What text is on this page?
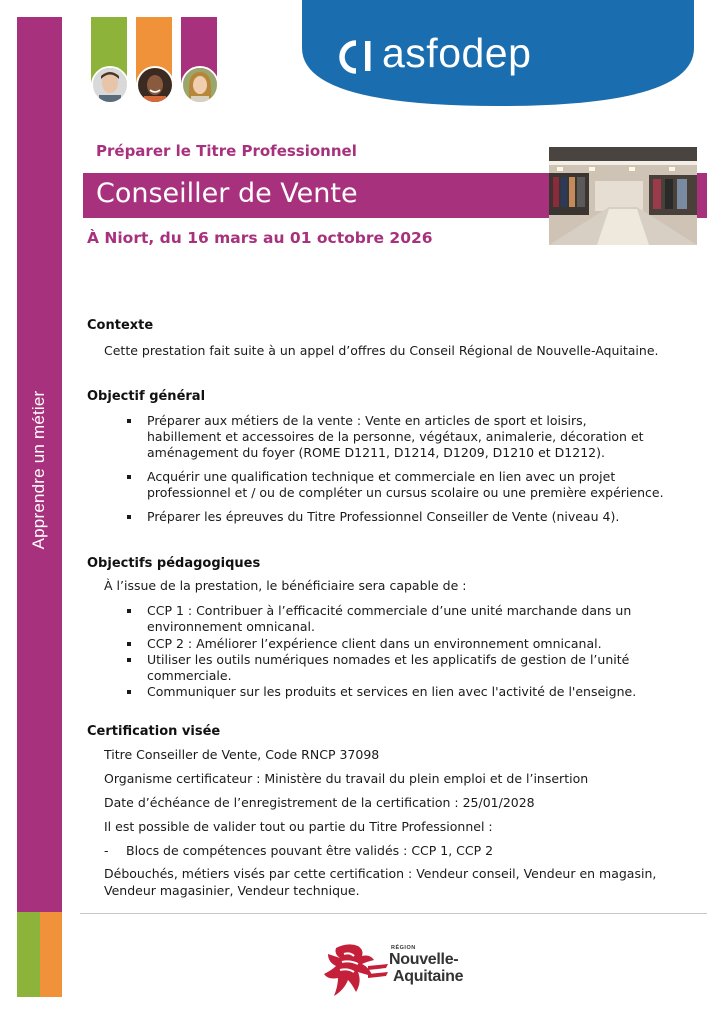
Apprendre un métier
asfodep
Préparer le Titre Professionnel
Conseiller de Vente
À Niort, du 16 mars au 01 octobre 2026
Contexte
Cette prestation fait suite à un appel d’offres du Conseil Régional de Nouvelle-Aquitaine.
Objectif général
Préparer aux métiers de la vente : Vente en articles de sport et loisirs,
habillement et accessoires de la personne, végétaux, animalerie, décoration et
aménagement du foyer (ROME D1211, D1214, D1209, D1210 et D1212).
Acquérir une qualification technique et commerciale en lien avec un projet
professionnel et / ou de compléter un cursus scolaire ou une première expérience.
Préparer les épreuves du Titre Professionnel Conseiller de Vente (niveau 4).
Objectifs pédagogiques
À l’issue de la prestation, le bénéficiaire sera capable de :
CCP 1 : Contribuer à l’efficacité commerciale d’une unité marchande dans un
environnement omnicanal.
CCP 2 : Améliorer l’expérience client dans un environnement omnicanal.
Utiliser les outils numériques nomades et les applicatifs de gestion de l’unité
commerciale.
Communiquer sur les produits et services en lien avec l'activité de l'enseigne.
Certification visée
Titre Conseiller de Vente, Code RNCP 37098
Organisme certificateur : Ministère du travail du plein emploi et de l’insertion
Date d’échéance de l’enregistrement de la certification : 25/01/2028
Il est possible de valider tout ou partie du Titre Professionnel :
- Blocs de compétences pouvant être validés : CCP 1, CCP 2
Débouchés, métiers visés par cette certification : Vendeur conseil, Vendeur en magasin,
Vendeur magasinier, Vendeur technique.
RÉGION
Nouvelle-
Aquitaine
